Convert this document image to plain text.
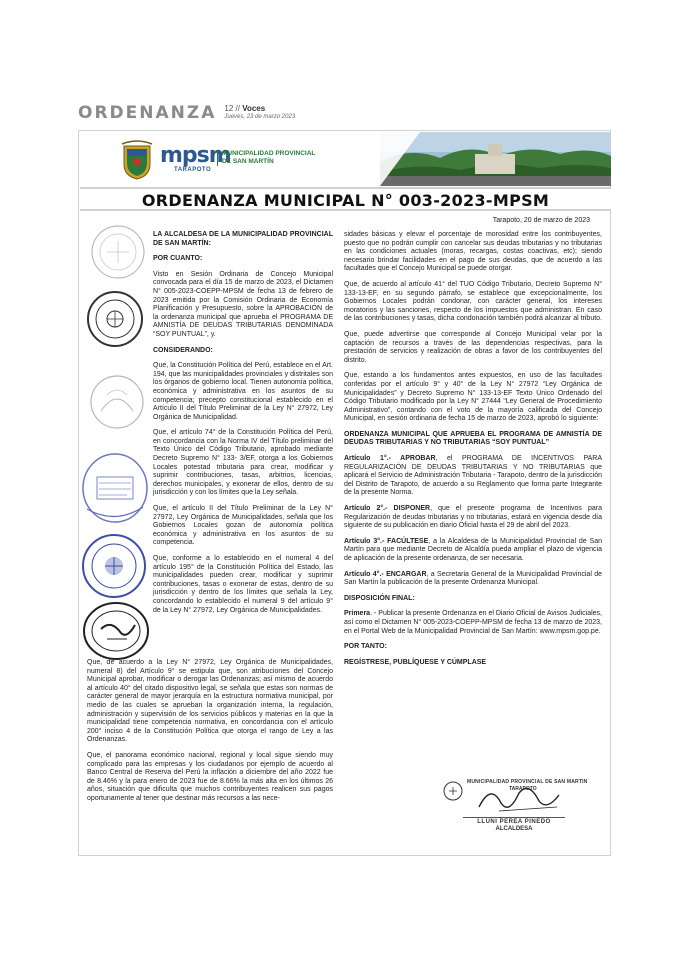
ORDENANZA 12 // Voces
Jueves, 23 de marzo 2023
mpsm
TARAPOTO
MUNICIPALIDAD PROVINCIAL
DE SAN MARTÍN
ORDENANZA MUNICIPAL N° 003-2023-MPSM
Tarapoto, 20 de marzo de 2023

LA ALCALDESA DE LA MUNICIPALIDAD PROVINCIAL DE SAN MARTÍN:

POR CUANTO:

Visto en Sesión Ordinaria de Concejo Municipal convocada para el día 15 de marzo de 2023, el Dictamen N° 005-2023-COEPP-MPSM de fecha 13 de febrero de 2023 emitida por la Comisión Ordinaria de Economía Planificación y Presupuesto, sobre la APROBACIÓN de la ordenanza municipal que aprueba el PROGRAMA DE AMNISTÍA DE DEUDAS TRIBUTARIAS DENOMINADA “SOY PUNTUAL”, y.

CONSIDERANDO:

Que, la Constitución Política del Perú, establece en el Art. 194, que las municipalidades provinciales y distritales son los órganos de gobierno local. Tienen autonomía política, económica y administrativa en los asuntos de su competencia; precepto constitucional establecido en el Artículo II del Título Preliminar de la Ley N° 27972, Ley Orgánica de Municipalidad.

Que, el artículo 74° de la Constitución Política del Perú, en concordancia con la Norma IV del Título preliminar del Texto Único del Código Tributario, aprobado mediante Decreto Supremo N° 133- 3/EF, otorga a los Gobiernos Locales potestad tributaria para crear, modificar y suprimir contribuciones, tasas, arbitrios, licencias, derechos municipales, y exonerar de ellos, dentro de su jurisdicción y con los límites que la Ley señala.

Que, el artículo II del Título Preliminar de la Ley N° 27972, Ley Orgánica de Municipalidades, señala que los Gobiernos Locales gozan de autonomía política económica y administrativa en los asuntos de su competencia.

Que, conforme a lo establecido en el numeral 4 del artículo 195° de la Constitución Política del Estado, las municipalidades pueden crear, modificar y suprimir contribuciones, tasas o exonerar de estas, dentro de su jurisdicción y dentro de los límites que señala la Ley, concordando lo establecido el numeral 9 del artículo 9° de la Ley N° 27972, Ley Orgánica de Municipalidades.

Que, de acuerdo a la Ley N° 27972, Ley Orgánica de Municipalidades, numeral 8) del Artículo 9° se estipula que, son atribuciones del Concejo Municipal aprobar, modificar o derogar las Ordenanzas; así mismo de acuerdo al artículo 40° del citado dispositivo legal, se señala que estas son normas de carácter general de mayor jerarquía en la estructura normativa municipal, por medio de las cuales se aprueban la organización interna, la regulación, administración y supervisión de los servicios públicos y materias en la que la municipalidad tiene competencia normativa, en concordancia con el artículo 200° inciso 4 de la Constitución Política que otorga el rango de Ley a las Ordenanzas.

Que, el panorama económico nacional, regional y local sigue siendo muy complicado para las empresas y los ciudadanos por ejemplo de acuerdo al Banco Central de Reserva del Perú la inflación a diciembre del año 2022 fue de 8.46% y la para enero de 2023 fue de 8.66% la más alta en los últimos 26 años, situación que dificulta que muchos contribuyentes realicen sus pagos oportunamente al tener que destinar más recursos a las nece-

sidades básicas y elevar el porcentaje de morosidad entre los contribuyentes, puesto que no podrán cumplir con cancelar sus deudas tributarias y no tributarias en las condiciones actuales (moras, recargas, costas coactivas, etc); siendo necesario brindar facilidades en el pago de sus deudas, que de acuerdo a las facultades que el Concejo Municipal se puede otorgar.

Que, de acuerdo al artículo 41° del TUO Código Tributario, Decreto Supremo N° 133-13-EF, en su segundo párrafo, se establece que excepcionalmente, los Gobiernos Locales podrán condonar, con carácter general, los intereses moratorios y las sanciones, respecto de los impuestos que administran. En caso de las contribuciones y tasas, dicha condonación también podrá alcanzar al tributo.

Que, puede advertirse que corresponde al Concejo Municipal velar por la captación de recursos a través de las dependencias respectivas, para la prestación de servicios y realización de obras a favor de los contribuyentes del distrito.

Que, estando a los fundamentos antes expuestos, en uso de las facultades conferidas por el artículo 9° y 40° de la Ley N° 27972 “Ley Orgánica de Municipalidades” y Decreto Supremo N° 133-13-EF Texto Único Ordenado del Código Tributario modificado por la Ley N° 27444 “Ley General de Procedimiento Administrativo”, contando con el voto de la mayoría calificada del Concejo Municipal, en sesión ordinaria de fecha 15 de marzo de 2023, aprobó lo siguiente:

ORDENANZA MUNICIPAL QUE APRUEBA EL PROGRAMA DE AMNISTÍA DE DEUDAS TRIBUTARIAS Y NO TRIBUTARIAS “SOY PUNTUAL”

Artículo 1°.- APROBAR, el PROGRAMA DE INCENTIVOS PARA REGULARIZACIÓN DE DEUDAS TRIBUTARIAS Y NO TRIBUTARIAS que aplicará el Servicio de Administración Tributaria - Tarapoto, dentro de la jurisdicción del Distrito de Tarapoto, de acuerdo a su Reglamento que forma parte Integrante de la presente Norma.

Artículo 2°.- DISPONER, que el presente programa de Incentivos para Regularización de deudas tributarias y no tributarias, estará en vigencia desde día siguiente de su publicación en diario Oficial hasta el 29 de abril del 2023.

Artículo 3°.- FACÚLTESE, a la Alcaldesa de la Municipalidad Provincial de San Martín para que mediante Decreto de Alcaldía pueda ampliar el plazo de vigencia de aplicación de la presente ordenanza, de ser necesaria.

Artículo 4°.- ENCARGAR, a Secretaria General de la Municipalidad Provincial de San Martín la publicación de la presente Ordenanza Municipal.

DISPOSICIÓN FINAL:

Primera. - Publicar la presente Ordenanza en el Diario Oficial de Avisos Judiciales, así como el Dictamen N° 005-2023-COEPP-MPSM de fecha 13 de marzo de 2023, en el Portal Web de la Municipalidad Provincial de San Martín: www.mpsm.gop.pe.

POR TANTO:

REGÍSTRESE, PUBLÍQUESE Y CÚMPLASE

MUNICIPALIDAD PROVINCIAL DE SAN MARTIN
TARAPOTO
LLUNI PEREA PINEDO
ALCALDESA
